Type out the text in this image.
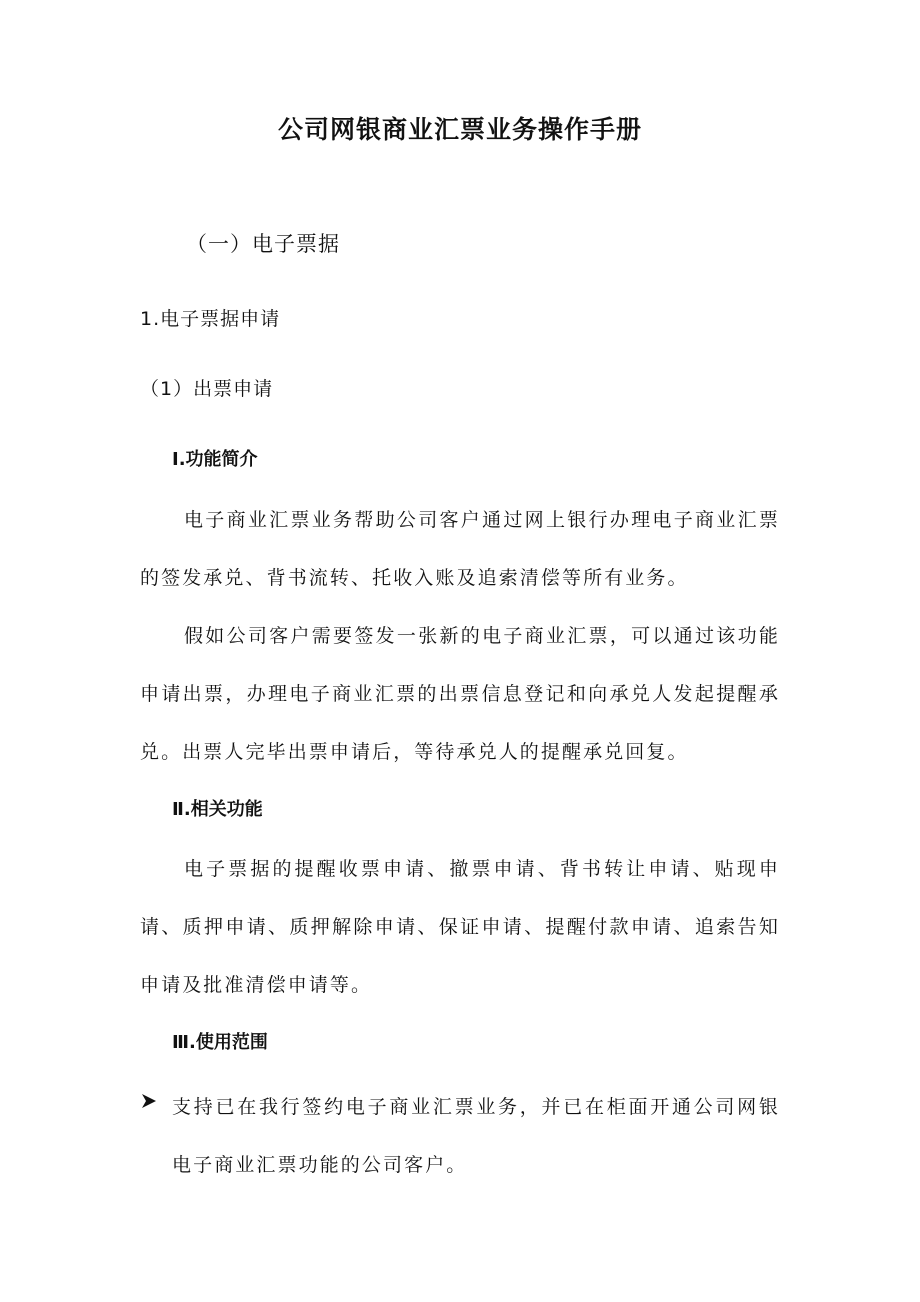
公司网银商业汇票业务操作手册
（一）电子票据
1.电子票据申请
（1）出票申请
Ⅰ.功能简介
电子商业汇票业务帮助公司客户通过网上银行办理电子商业汇票的签发承兑、背书流转、托收入账及追索清偿等所有业务。
假如公司客户需要签发一张新的电子商业汇票，可以通过该功能申请出票，办理电子商业汇票的出票信息登记和向承兑人发起提醒承兑。出票人完毕出票申请后，等待承兑人的提醒承兑回复。
Ⅱ.相关功能
电子票据的提醒收票申请、撤票申请、背书转让申请、贴现申请、质押申请、质押解除申请、保证申请、提醒付款申请、追索告知申请及批准清偿申请等。
Ⅲ.使用范围
支持已在我行签约电子商业汇票业务，并已在柜面开通公司网银电子商业汇票功能的公司客户。
